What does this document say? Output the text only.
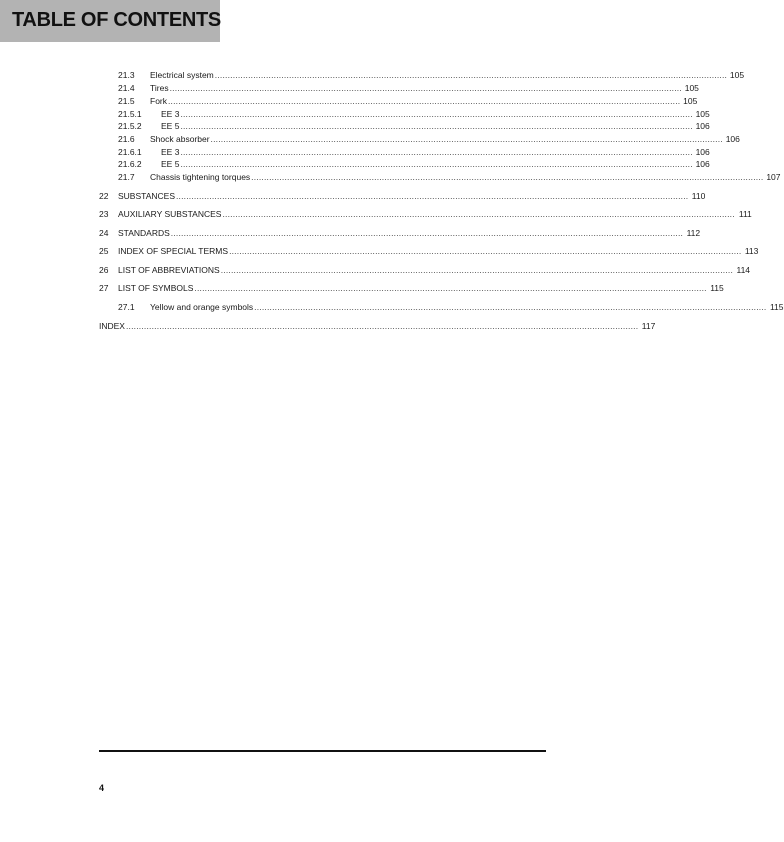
TABLE OF CONTENTS
21.3	Electrical system ........................................................................................................................................................................................................ 105
21.4	Tires ........................................................................................................................................................................................................ 105
21.5	Fork ........................................................................................................................................................................................................ 105
21.5.1	EE 3 ........................................................................................................................................................................................................ 105
21.5.2	EE 5 ........................................................................................................................................................................................................ 106
21.6	Shock absorber ........................................................................................................................................................................................................ 106
21.6.1	EE 3 ........................................................................................................................................................................................................ 106
21.6.2	EE 5 ........................................................................................................................................................................................................ 106
21.7	Chassis tightening torques ........................................................................................................................................................................................................ 107
22	SUBSTANCES ........................................................................................................................................................................................................ 110
23	AUXILIARY SUBSTANCES ........................................................................................................................................................................................................ 111
24	STANDARDS ........................................................................................................................................................................................................ 112
25	INDEX OF SPECIAL TERMS ........................................................................................................................................................................................................ 113
26	LIST OF ABBREVIATIONS ........................................................................................................................................................................................................ 114
27	LIST OF SYMBOLS ........................................................................................................................................................................................................ 115
27.1	Yellow and orange symbols ........................................................................................................................................................................................................ 115
INDEX ........................................................................................................................................................................................................ 117
4
